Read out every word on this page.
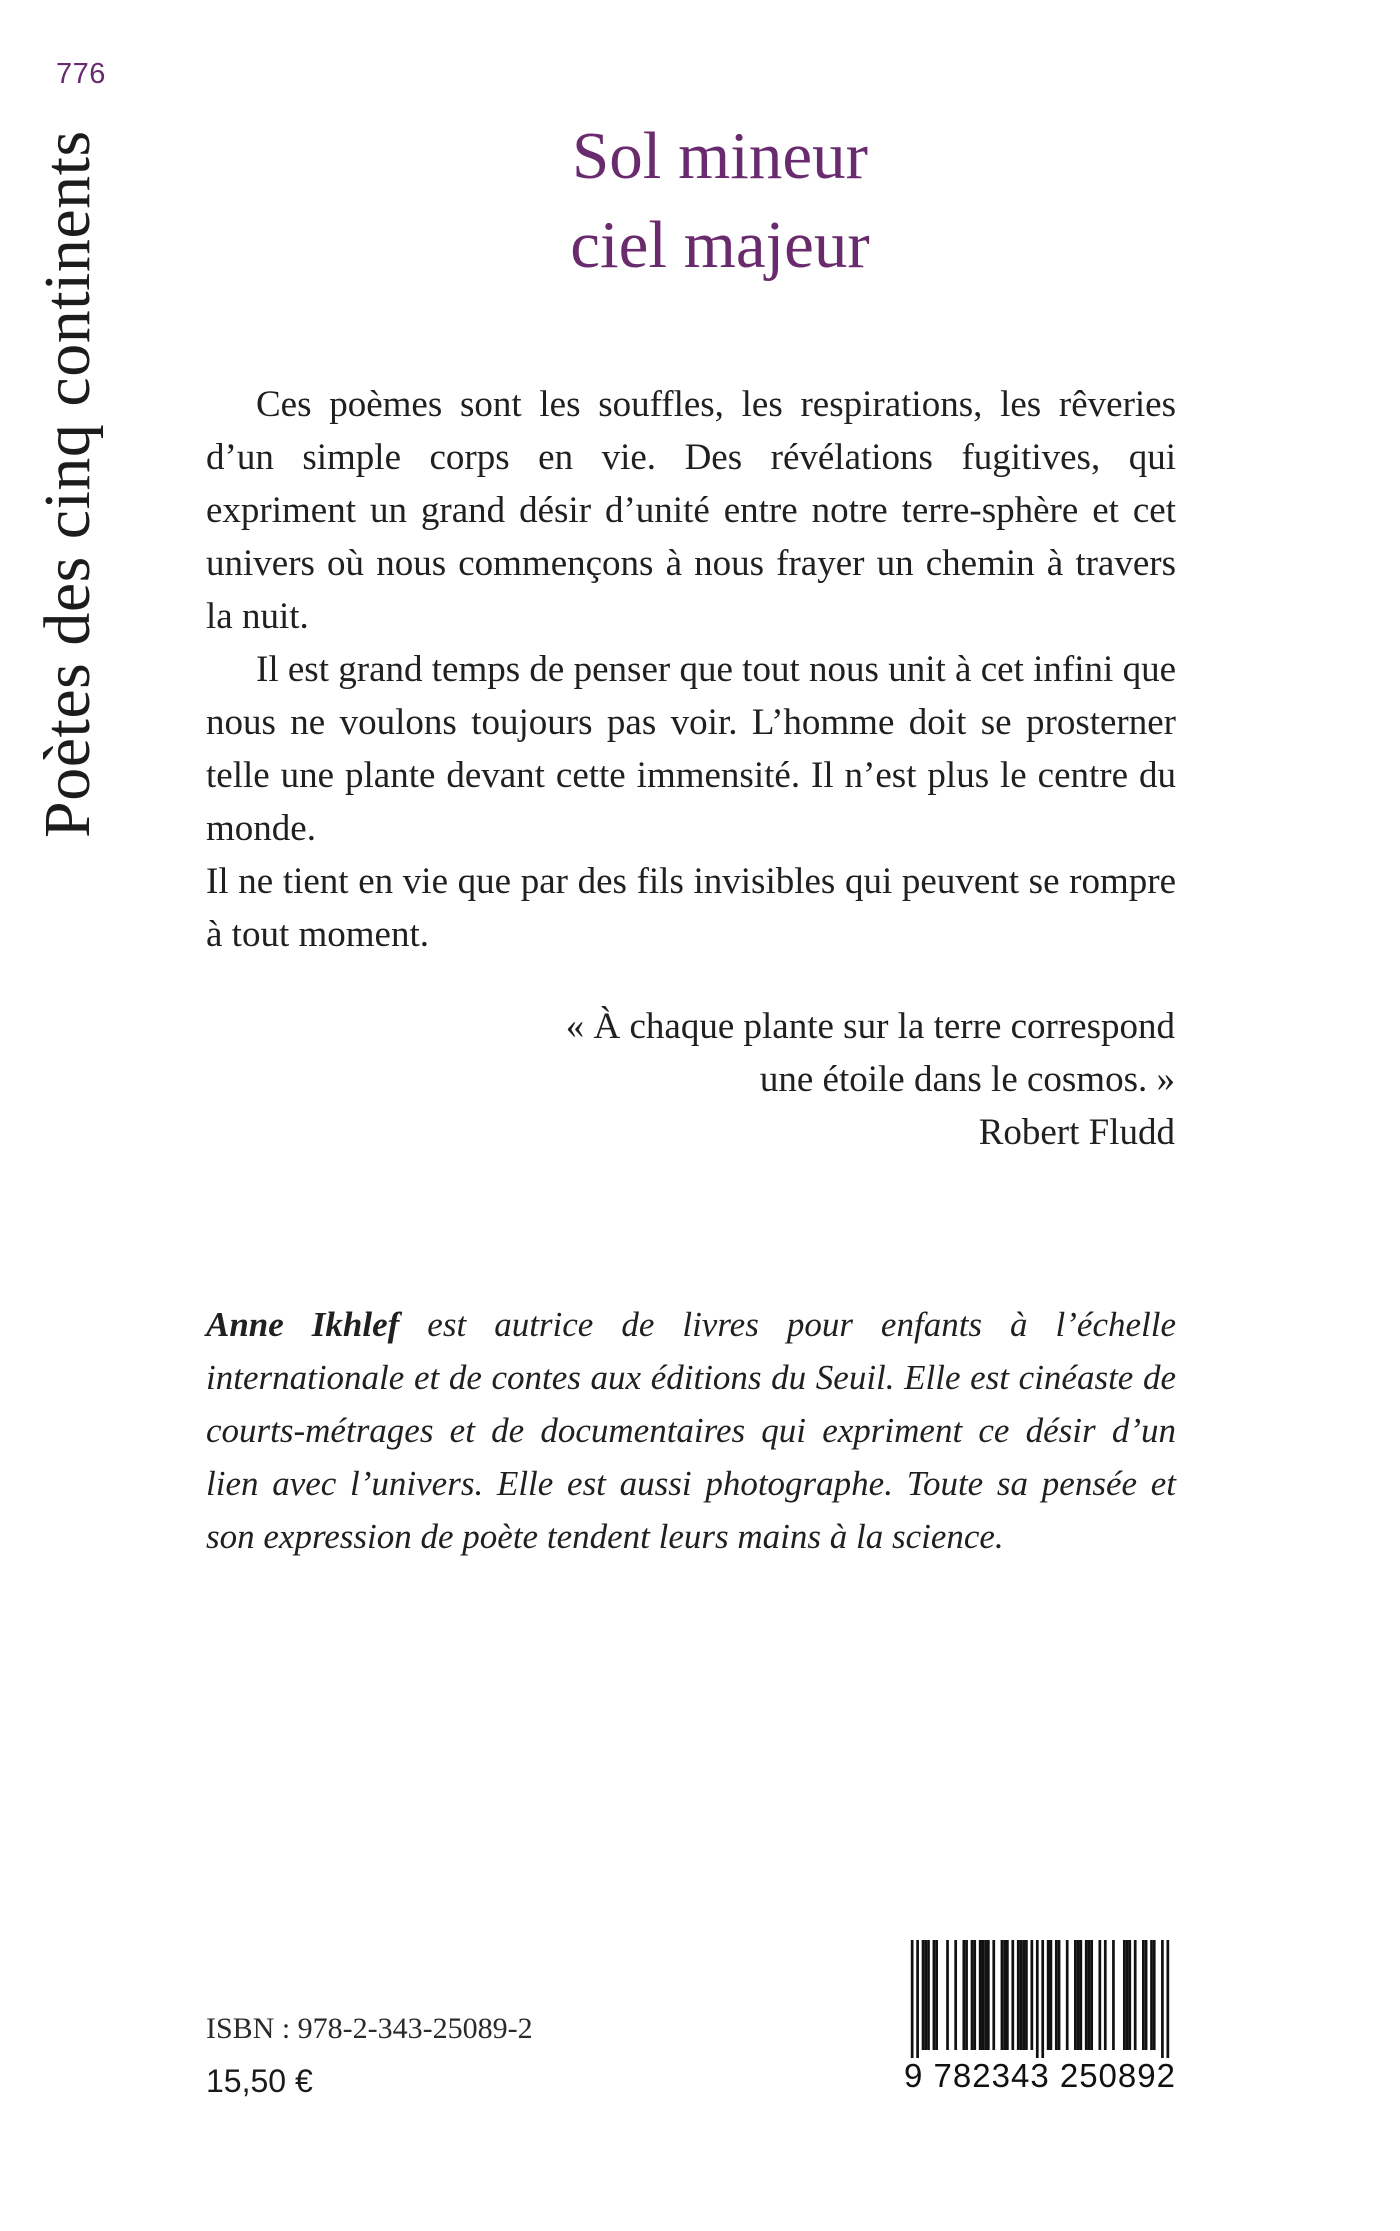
776
Poètes des cinq continents	Sol mineur
ciel majeur

Ces poèmes sont les souffles, les respirations, les rêveries d’un simple corps en vie. Des révélations fugitives, qui expriment un grand désir d’unité entre notre terre-sphère et cet univers où nous commençons à nous frayer un chemin à travers la nuit.

Il est grand temps de penser que tout nous unit à cet infini que nous ne voulons toujours pas voir. L’homme doit se prosterner telle une plante devant cette immensité. Il n’est plus le centre du monde.

Il ne tient en vie que par des fils invisibles qui peuvent se rompre à tout moment.

« À chaque plante sur la terre correspond
une étoile dans le cosmos. »
Robert Fludd
Anne Ikhlef est autrice de livres pour enfants à l’échelle internationale et de contes aux éditions du Seuil. Elle est cinéaste de courts-métrages et de documentaires qui expriment ce désir d’un lien avec l’univers. Elle est aussi photographe. Toute sa pensée et son expression de poète tendent leurs mains à la science.
ISBN : 978-2-343-25089-2
15,50 €	9 782343 250892
